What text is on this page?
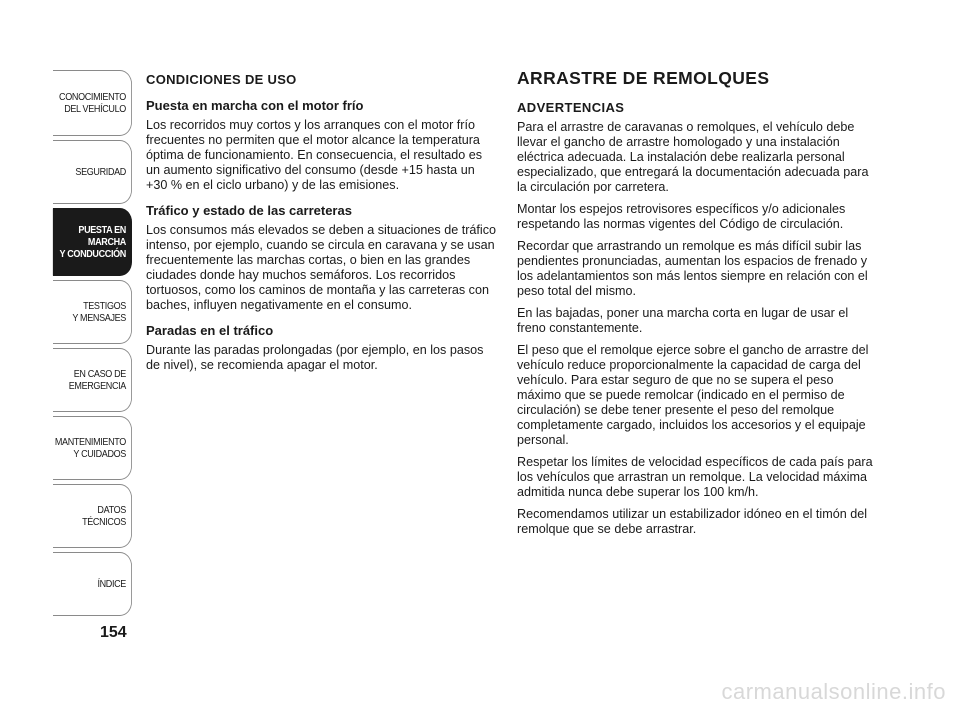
CONOCIMIENTO
DEL VEHÍCULO
SEGURIDAD
PUESTA EN
MARCHA
Y CONDUCCIÓN
TESTIGOS
Y MENSAJES
EN CASO DE
EMERGENCIA
MANTENIMIENTO
Y CUIDADOS
DATOS
TÉCNICOS
ÍNDICE
154
CONDICIONES DE USO
Puesta en marcha con el motor frío

Los recorridos muy cortos y los arranques con el motor frío frecuentes no permiten que el motor alcance la temperatura óptima de funcionamiento. En consecuencia, el resultado es un aumento significativo del consumo (desde +15 hasta un +30 % en el ciclo urbano) y de las emisiones.

Tráfico y estado de las carreteras

Los consumos más elevados se deben a situaciones de tráfico intenso, por ejemplo, cuando se circula en caravana y se usan frecuentemente las marchas cortas, o bien en las grandes ciudades donde hay muchos semáforos. Los recorridos tortuosos, como los caminos de montaña y las carreteras con baches, influyen negativamente en el consumo.

Paradas en el tráfico

Durante las paradas prolongadas (por ejemplo, en los pasos de nivel), se recomienda apagar el motor.

ARRASTRE DE REMOLQUES
ADVERTENCIAS

Para el arrastre de caravanas o remolques, el vehículo debe llevar el gancho de arrastre homologado y una instalación eléctrica adecuada. La instalación debe realizarla personal especializado, que entregará la documentación adecuada para la circulación por carretera.

Montar los espejos retrovisores específicos y/o adicionales respetando las normas vigentes del Código de circulación.

Recordar que arrastrando un remolque es más difícil subir las pendientes pronunciadas, aumentan los espacios de frenado y los adelantamientos son más lentos siempre en relación con el peso total del mismo.

En las bajadas, poner una marcha corta en lugar de usar el freno constantemente.

El peso que el remolque ejerce sobre el gancho de arrastre del vehículo reduce proporcionalmente la capacidad de carga del vehículo. Para estar seguro de que no se supera el peso máximo que se puede remolcar (indicado en el permiso de circulación) se debe tener presente el peso del remolque completamente cargado, incluidos los accesorios y el equipaje personal.

Respetar los límites de velocidad específicos de cada país para los vehículos que arrastran un remolque. La velocidad máxima admitida nunca debe superar los 100 km/h.

Recomendamos utilizar un estabilizador idóneo en el timón del remolque que se debe arrastrar.

carmanualsonline.info
